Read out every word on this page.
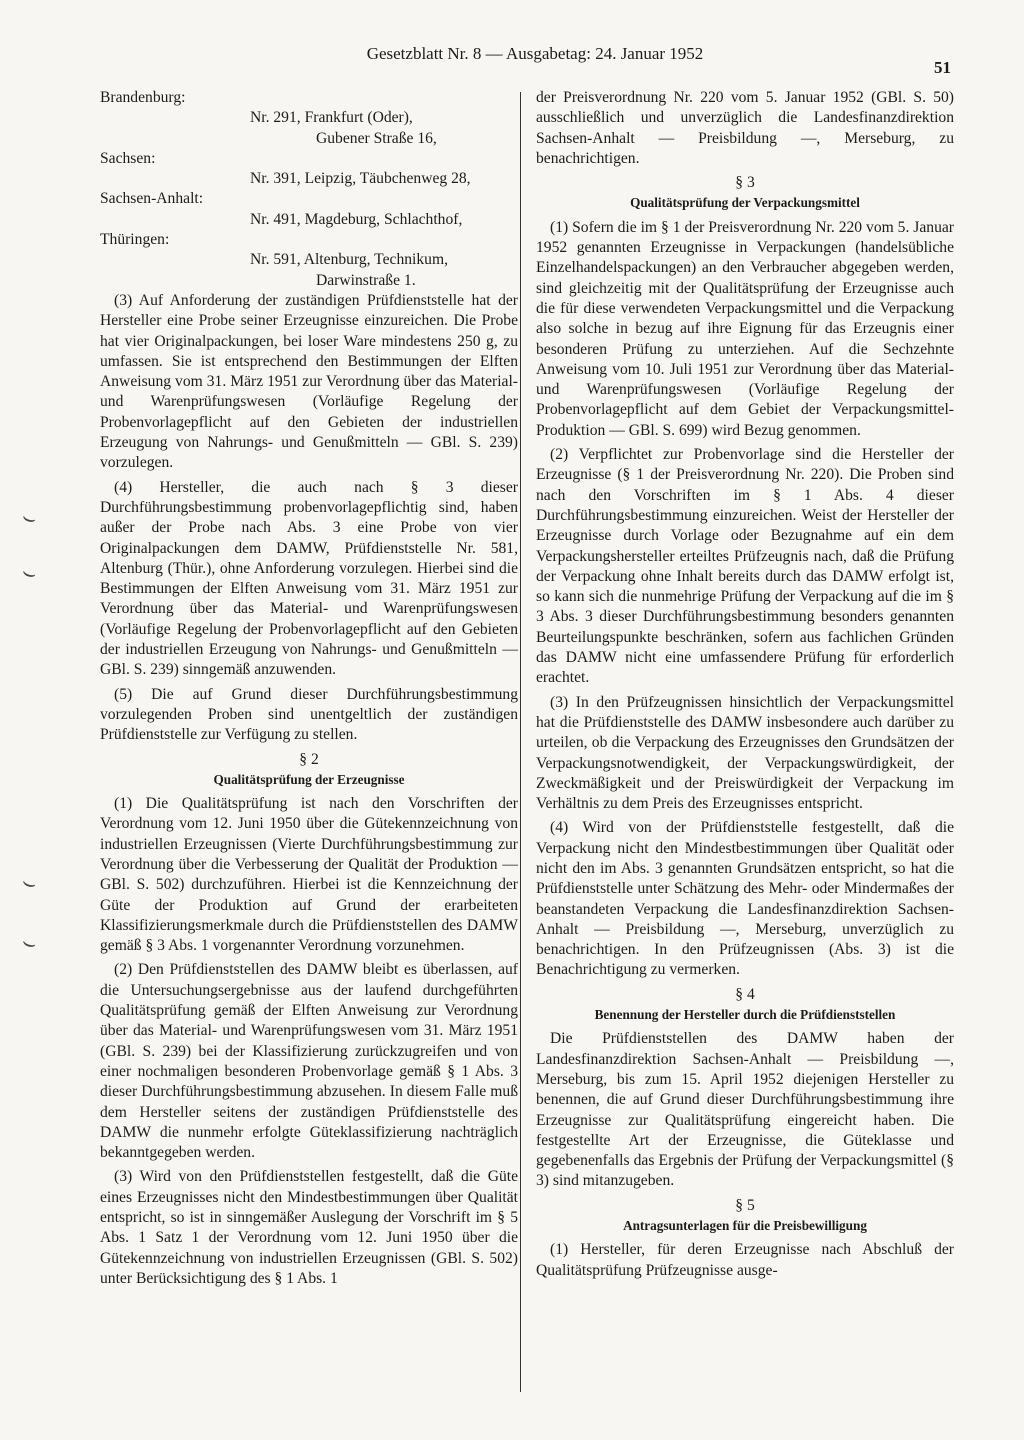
Gesetzblatt Nr. 8 — Ausgabetag: 24. Januar 1952
51
⌣
⌣
⌣
⌣
Brandenburg:
Nr. 291, Frankfurt (Oder),
Gubener Straße 16,
Sachsen:
Nr. 391, Leipzig, Täubchenweg 28,
Sachsen-Anhalt:
Nr. 491, Magdeburg, Schlachthof,
Thüringen:
Nr. 591, Altenburg, Technikum,
Darwinstraße 1.

(3) Auf Anforderung der zuständigen Prüfdienststelle hat der Hersteller eine Probe seiner Erzeugnisse einzureichen. Die Probe hat vier Originalpackungen, bei loser Ware mindestens 250 g, zu umfassen. Sie ist entsprechend den Bestimmungen der Elften Anweisung vom 31. März 1951 zur Verordnung über das Material- und Warenprüfungswesen (Vorläufige Regelung der Probenvorlagepflicht auf den Gebieten der industriellen Erzeugung von Nahrungs- und Genußmitteln — GBl. S. 239) vorzulegen.

(4) Hersteller, die auch nach § 3 dieser Durchführungsbestimmung probenvorlagepflichtig sind, haben außer der Probe nach Abs. 3 eine Probe von vier Originalpackungen dem DAMW, Prüfdienststelle Nr. 581, Altenburg (Thür.), ohne Anforderung vorzulegen. Hierbei sind die Bestimmungen der Elften Anweisung vom 31. März 1951 zur Verordnung über das Material- und Warenprüfungswesen (Vorläufige Regelung der Probenvorlagepflicht auf den Gebieten der industriellen Erzeugung von Nahrungs- und Genußmitteln — GBl. S. 239) sinngemäß anzuwenden.

(5) Die auf Grund dieser Durchführungsbestimmung vorzulegenden Proben sind unentgeltlich der zuständigen Prüfdienststelle zur Verfügung zu stellen.

§ 2
Qualitätsprüfung der Erzeugnisse

(1) Die Qualitätsprüfung ist nach den Vorschriften der Verordnung vom 12. Juni 1950 über die Gütekennzeichnung von industriellen Erzeugnissen (Vierte Durchführungsbestimmung zur Verordnung über die Verbesserung der Qualität der Produktion — GBl. S. 502) durchzuführen. Hierbei ist die Kennzeichnung der Güte der Produktion auf Grund der erarbeiteten Klassifizierungsmerkmale durch die Prüfdienststellen des DAMW gemäß § 3 Abs. 1 vorgenannter Verordnung vorzunehmen.

(2) Den Prüfdienststellen des DAMW bleibt es überlassen, auf die Untersuchungsergebnisse aus der laufend durchgeführten Qualitätsprüfung gemäß der Elften Anweisung zur Verordnung über das Material- und Warenprüfungswesen vom 31. März 1951 (GBl. S. 239) bei der Klassifizierung zurückzugreifen und von einer nochmaligen besonderen Probenvorlage gemäß § 1 Abs. 3 dieser Durchführungsbestimmung abzusehen. In diesem Falle muß dem Hersteller seitens der zuständigen Prüfdienststelle des DAMW die nunmehr erfolgte Güteklassifizierung nachträglich bekanntgegeben werden.

(3) Wird von den Prüfdienststellen festgestellt, daß die Güte eines Erzeugnisses nicht den Mindestbestimmungen über Qualität entspricht, so ist in sinngemäßer Auslegung der Vorschrift im § 5 Abs. 1 Satz 1 der Verordnung vom 12. Juni 1950 über die Gütekennzeichnung von industriellen Erzeugnissen (GBl. S. 502) unter Berücksichtigung des § 1 Abs. 1

der Preisverordnung Nr. 220 vom 5. Januar 1952 (GBl. S. 50) ausschließlich und unverzüglich die Landesfinanzdirektion Sachsen-Anhalt — Preisbildung —, Merseburg, zu benachrichtigen.

§ 3
Qualitätsprüfung der Verpackungsmittel

(1) Sofern die im § 1 der Preisverordnung Nr. 220 vom 5. Januar 1952 genannten Erzeugnisse in Verpackungen (handelsübliche Einzelhandelspackungen) an den Verbraucher abgegeben werden, sind gleichzeitig mit der Qualitätsprüfung der Erzeugnisse auch die für diese verwendeten Verpackungsmittel und die Verpackung also solche in bezug auf ihre Eignung für das Erzeugnis einer besonderen Prüfung zu unterziehen. Auf die Sechzehnte Anweisung vom 10. Juli 1951 zur Verordnung über das Material- und Warenprüfungswesen (Vorläufige Regelung der Probenvorlagepflicht auf dem Gebiet der Verpackungsmittel-Produktion — GBl. S. 699) wird Bezug genommen.

(2) Verpflichtet zur Probenvorlage sind die Hersteller der Erzeugnisse (§ 1 der Preisverordnung Nr. 220). Die Proben sind nach den Vorschriften im § 1 Abs. 4 dieser Durchführungsbestimmung einzureichen. Weist der Hersteller der Erzeugnisse durch Vorlage oder Bezugnahme auf ein dem Verpackungshersteller erteiltes Prüfzeugnis nach, daß die Prüfung der Verpackung ohne Inhalt bereits durch das DAMW erfolgt ist, so kann sich die nunmehrige Prüfung der Verpackung auf die im § 3 Abs. 3 dieser Durchführungsbestimmung besonders genannten Beurteilungspunkte beschränken, sofern aus fachlichen Gründen das DAMW nicht eine umfassendere Prüfung für erforderlich erachtet.

(3) In den Prüfzeugnissen hinsichtlich der Verpackungsmittel hat die Prüfdienststelle des DAMW insbesondere auch darüber zu urteilen, ob die Verpackung des Erzeugnisses den Grundsätzen der Verpackungsnotwendigkeit, der Verpackungswürdigkeit, der Zweckmäßigkeit und der Preiswürdigkeit der Verpackung im Verhältnis zu dem Preis des Erzeugnisses entspricht.

(4) Wird von der Prüfdienststelle festgestellt, daß die Verpackung nicht den Mindestbestimmungen über Qualität oder nicht den im Abs. 3 genannten Grundsätzen entspricht, so hat die Prüfdienststelle unter Schätzung des Mehr- oder Mindermaßes der beanstandeten Verpackung die Landesfinanzdirektion Sachsen-Anhalt — Preisbildung —, Merseburg, unverzüglich zu benachrichtigen. In den Prüfzeugnissen (Abs. 3) ist die Benachrichtigung zu vermerken.

§ 4
Benennung der Hersteller durch die Prüfdienststellen

Die Prüfdienststellen des DAMW haben der Landesfinanzdirektion Sachsen-Anhalt — Preisbildung —, Merseburg, bis zum 15. April 1952 diejenigen Hersteller zu benennen, die auf Grund dieser Durchführungsbestimmung ihre Erzeugnisse zur Qualitätsprüfung eingereicht haben. Die festgestellte Art der Erzeugnisse, die Güteklasse und gegebenenfalls das Ergebnis der Prüfung der Verpackungsmittel (§ 3) sind mitanzugeben.

§ 5
Antragsunterlagen für die Preisbewilligung

(1) Hersteller, für deren Erzeugnisse nach Abschluß der Qualitätsprüfung Prüfzeugnisse ausge-
